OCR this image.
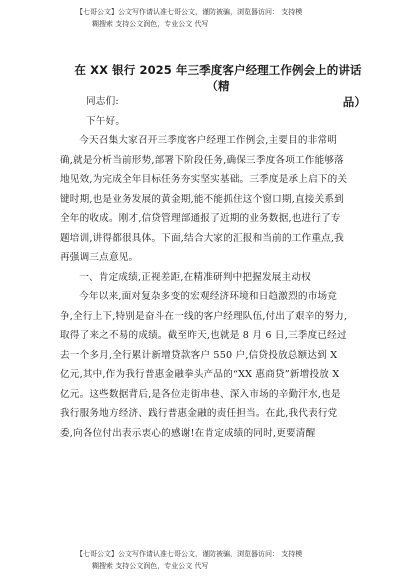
【七哥公文】公文写作请认准七哥公文，谨防被骗，浏览器访问： 支持模
糊搜索 支持公文润色，专业公文 代写
在 XX 银行 2025 年三季度客户经理工作例会上的讲话（精
品）

同志们:

下午好。

今天召集大家召开三季度客户经理工作例会,主要目的非常明确,就是分析当前形势,部署下阶段任务,确保三季度各项工作能够落地见效,为完成全年目标任务夯实坚实基础。三季度是承上启下的关键时期,也是业务发展的黄金期,能不能抓住这个窗口期,直接关系到全年的收成。刚才,信贷管理部通报了近期的业务数据,也进行了专题培训,讲得都很具体。下面,结合大家的汇报和当前的工作重点,我再强调三点意见。

一、肯定成绩,正视差距,在精准研判中把握发展主动权

今年以来,面对复杂多变的宏观经济环境和日趋激烈的市场竞争,全行上下,特别是奋斗在一线的客户经理队伍,付出了艰辛的努力,取得了来之不易的成绩。截至昨天,也就是 8 月 6 日,三季度已经过去一个多月,全行累计新增贷款客户 550 户,信贷投放总额达到 X 亿元,其中,作为我行普惠金融拳头产品的“XX 惠商贷”新增投放 X 亿元。这些数据背后,是各位走街串巷、深入市场的辛勤汗水,也是我行服务地方经济、践行普惠金融的责任担当。在此,我代表行党委,向各位付出表示衷心的感谢!在肯定成绩的同时,更要清醒

【七哥公文】公文写作请认准七哥公文，谨防被骗，浏览器访问： 支持模
糊搜索 支持公文润色，专业公文 代写
